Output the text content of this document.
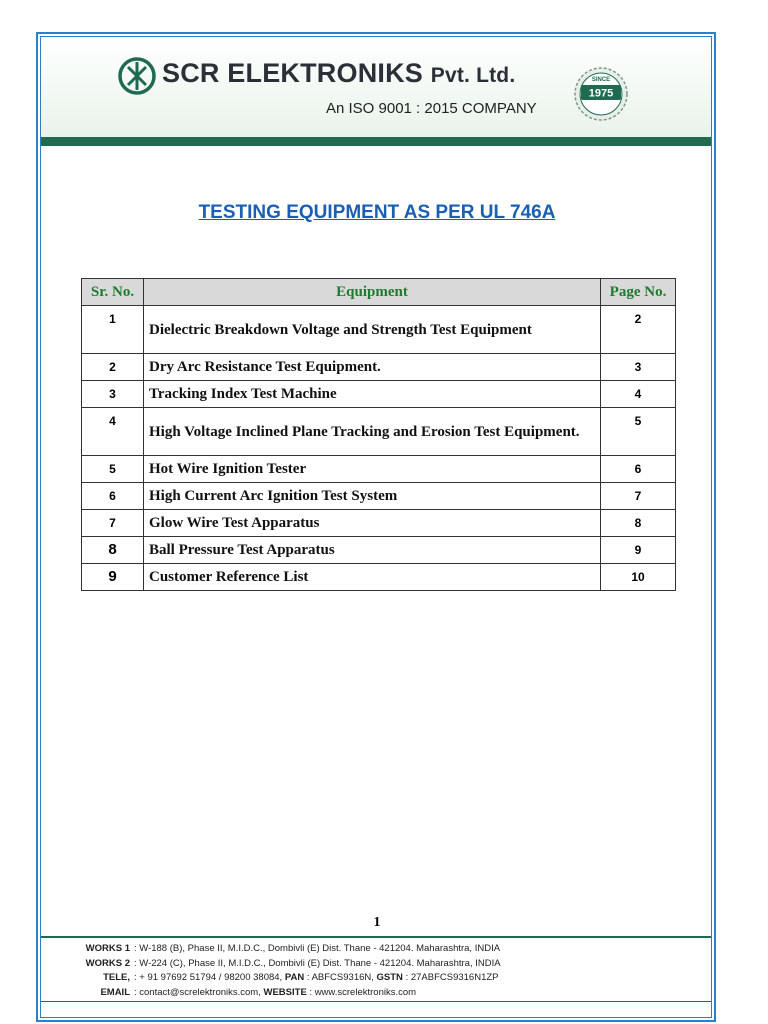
SCR ELEKTRONIKS Pvt. Ltd.
An ISO 9001 : 2015 COMPANY
1975
SINCE
TESTING EQUIPMENT AS PER UL 746A
Sr. No.	Equipment	Page No.
1	Dielectric Breakdown Voltage and Strength Test Equipment	2
2	Dry Arc Resistance Test Equipment.	3
3	Tracking Index Test Machine	4
4	High Voltage Inclined Plane Tracking and Erosion Test Equipment.	5
5	Hot Wire Ignition Tester	6
6	High Current Arc Ignition Test System	7
7	Glow Wire Test Apparatus	8
8	Ball Pressure Test Apparatus	9
9	Customer Reference List	10
1
WORKS 1 : W-188 (B), Phase II, M.I.D.C., Dombivli (E) Dist. Thane - 421204. Maharashtra, INDIA
WORKS 2 : W-224 (C), Phase II, M.I.D.C., Dombivli (E) Dist. Thane - 421204. Maharashtra, INDIA
TELE, : + 91 97692 51794 / 98200 38084,
PAN
: ABFCS9316N,
GSTN
: 27ABFCS9316N1ZP
EMAIL : contact@screlektroniks.com,
WEBSITE
: www.screlektroniks.com
